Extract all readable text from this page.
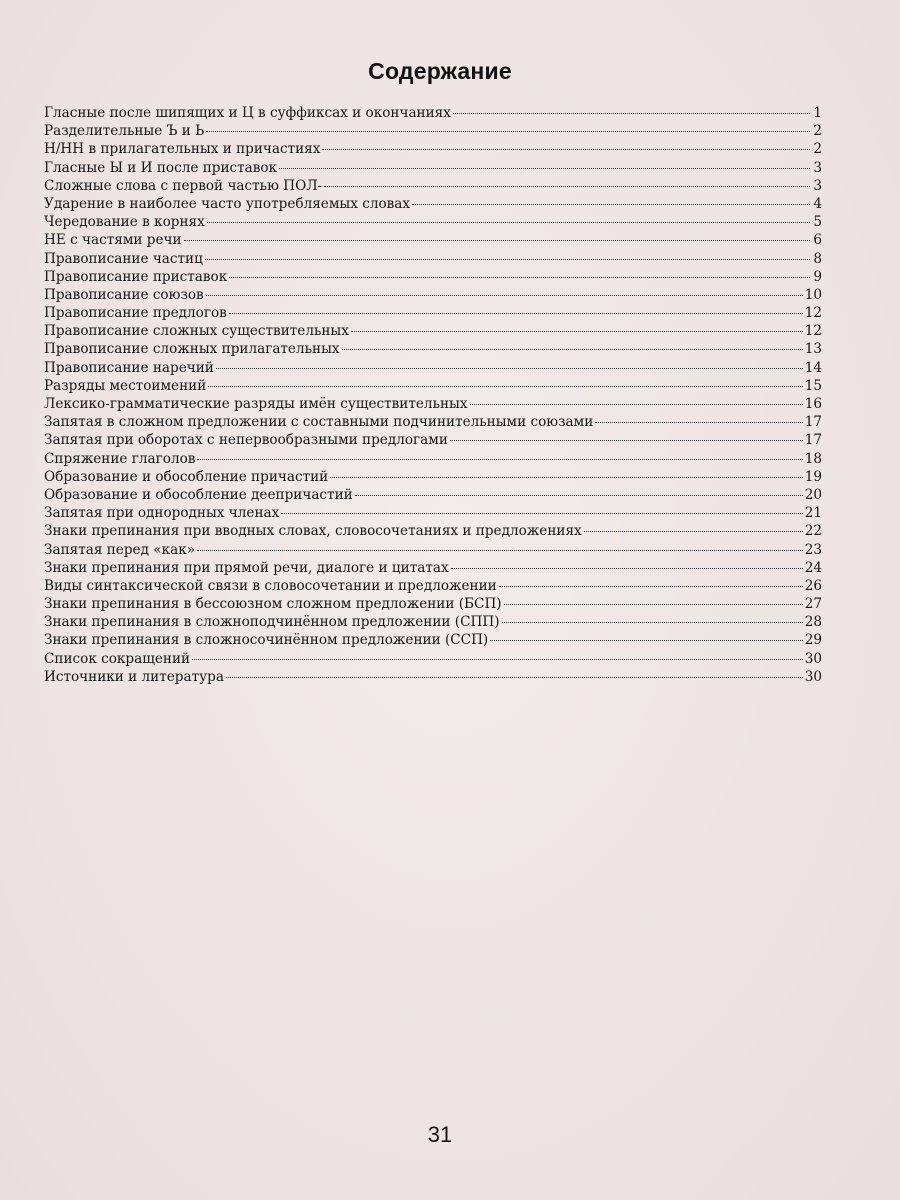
Содержание
Гласные после шипящих и Ц в суффиксах и окончаниях	1
Разделительные Ъ и Ь	2
Н/НН в прилагательных и причастиях	2
Гласные Ы и И после приставок	3
Сложные слова с первой частью ПОЛ-	3
Ударение в наиболее часто употребляемых словах	4
Чередование в корнях	5
НЕ с частями речи	6
Правописание частиц	8
Правописание приставок	9
Правописание союзов	10
Правописание предлогов	12
Правописание сложных существительных	12
Правописание сложных прилагательных	13
Правописание наречий	14
Разряды местоимений	15
Лексико-грамматические разряды имён существительных	16
Запятая в сложном предложении с составными подчинительными союзами	17
Запятая при оборотах с непервообразными предлогами	17
Спряжение глаголов	18
Образование и обособление причастий	19
Образование и обособление деепричастий	20
Запятая при однородных членах	21
Знаки препинания при вводных словах, словосочетаниях и предложениях	22
Запятая перед «как»	23
Знаки препинания при прямой речи, диалоге и цитатах	24
Виды синтаксической связи в словосочетании и предложении	26
Знаки препинания в бессоюзном сложном предложении (БСП)	27
Знаки препинания в сложноподчинённом предложении (СПП)	28
Знаки препинания в сложносочинённом предложении (ССП)	29
Список сокращений	30
Источники и литература	30
31
